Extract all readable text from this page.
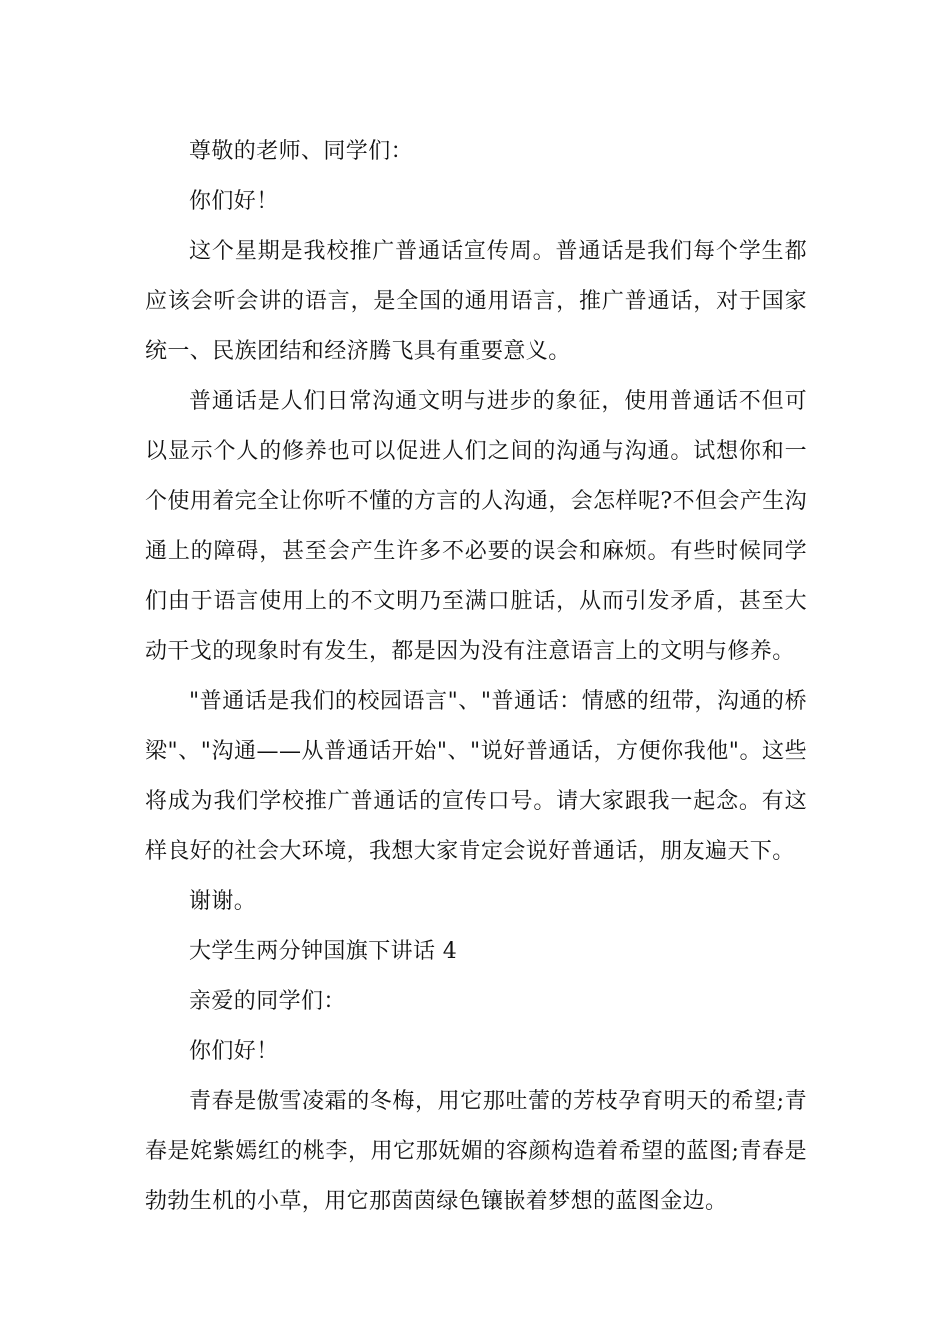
尊敬的老师、同学们：

你们好！

这个星期是我校推广普通话宣传周。普通话是我们每个学生都应该会听会讲的语言，是全国的通用语言，推广普通话，对于国家统一、民族团结和经济腾飞具有重要意义。

普通话是人们日常沟通文明与进步的象征，使用普通话不但可以显示个人的修养也可以促进人们之间的沟通与沟通。试想你和一个使用着完全让你听不懂的方言的人沟通，会怎样呢?不但会产生沟通上的障碍，甚至会产生许多不必要的误会和麻烦。有些时候同学们由于语言使用上的不文明乃至满口脏话，从而引发矛盾，甚至大动干戈的现象时有发生，都是因为没有注意语言上的文明与修养。

"普通话是我们的校园语言"、"普通话：情感的纽带，沟通的桥梁"、"沟通——从普通话开始"、"说好普通话，方便你我他"。这些将成为我们学校推广普通话的宣传口号。请大家跟我一起念。有这样良好的社会大环境，我想大家肯定会说好普通话，朋友遍天下。

谢谢。

大学生两分钟国旗下讲话 4

亲爱的同学们：

你们好！

青春是傲雪凌霜的冬梅，用它那吐蕾的芳枝孕育明天的希望;青春是姹紫嫣红的桃李，用它那妩媚的容颜构造着希望的蓝图;青春是勃勃生机的小草，用它那茵茵绿色镶嵌着梦想的蓝图金边。
